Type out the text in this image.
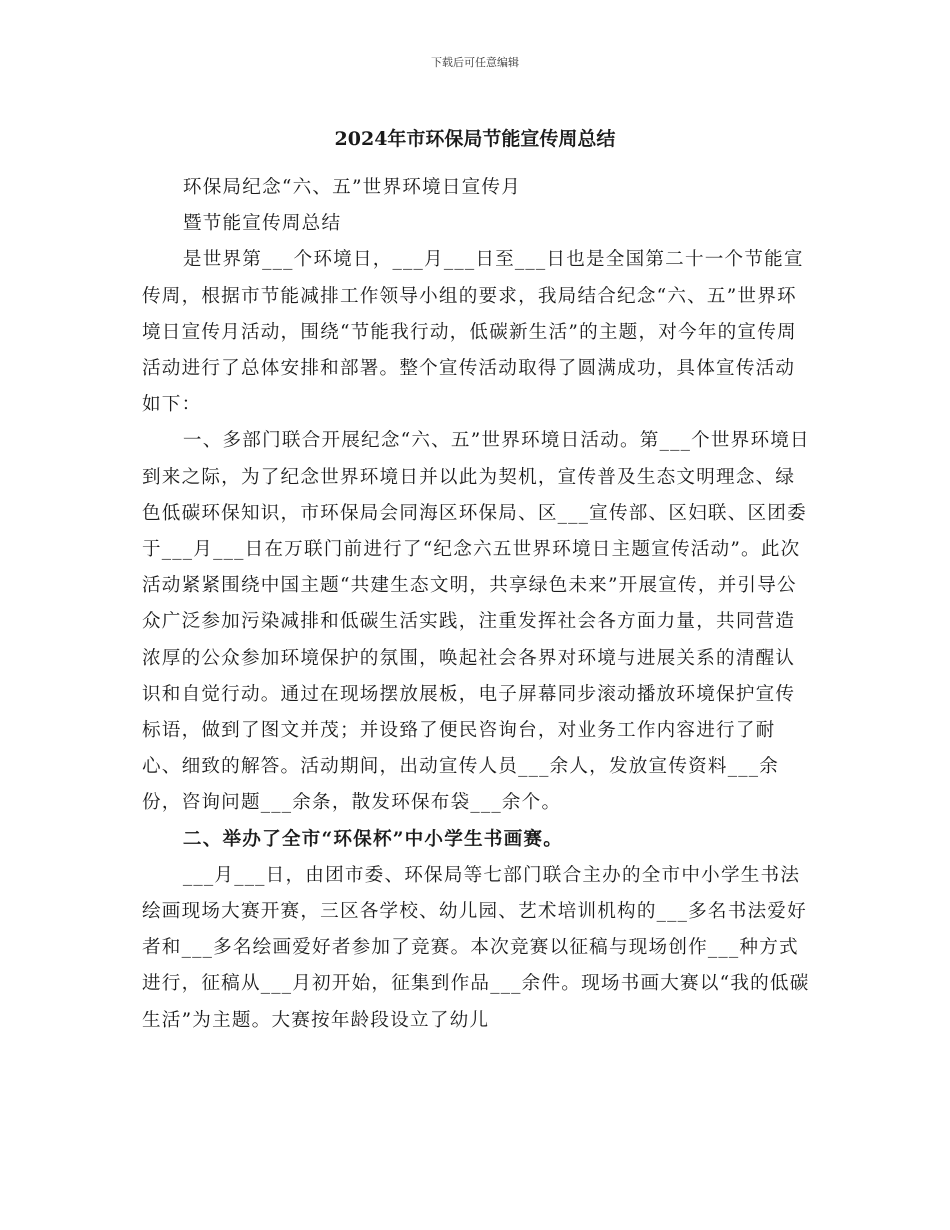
下载后可任意编辑
2024年市环保局节能宣传周总结

环保局纪念“六、五”世界环境日宣传月

暨节能宣传周总结

是世界第___个环境日，___月___日至___日也是全国第二十一个节能宣传周，根据市节能减排工作领导小组的要求，我局结合纪念“六、五”世界环境日宣传月活动，围绕“节能我行动，低碳新生活”的主题，对今年的宣传周活动进行了总体安排和部署。整个宣传活动取得了圆满成功，具体宣传活动如下：

一、多部门联合开展纪念“六、五”世界环境日活动。第___个世界环境日到来之际，为了纪念世界环境日并以此为契机，宣传普及生态文明理念、绿色低碳环保知识，市环保局会同海区环保局、区___宣传部、区妇联、区团委于___月___日在万联门前进行了“纪念六五世界环境日主题宣传活动”。此次活动紧紧围绕中国主题“共建生态文明，共享绿色未来”开展宣传，并引导公众广泛参加污染减排和低碳生活实践，注重发挥社会各方面力量，共同营造浓厚的公众参加环境保护的氛围，唤起社会各界对环境与进展关系的清醒认识和自觉行动。通过在现场摆放展板，电子屏幕同步滚动播放环境保护宣传标语，做到了图文并茂；并设臵了便民咨询台，对业务工作内容进行了耐心、细致的解答。活动期间，出动宣传人员___余人，发放宣传资料___余份，咨询问题___余条，散发环保布袋___余个。

二、举办了全市“环保杯”中小学生书画赛。

___月___日，由团市委、环保局等七部门联合主办的全市中小学生书法绘画现场大赛开赛，三区各学校、幼儿园、艺术培训机构的___多名书法爱好者和___多名绘画爱好者参加了竞赛。本次竞赛以征稿与现场创作___种方式进行，征稿从___月初开始，征集到作品___余件。现场书画大赛以“我的低碳生活”为主题。大赛按年龄段设立了幼儿
